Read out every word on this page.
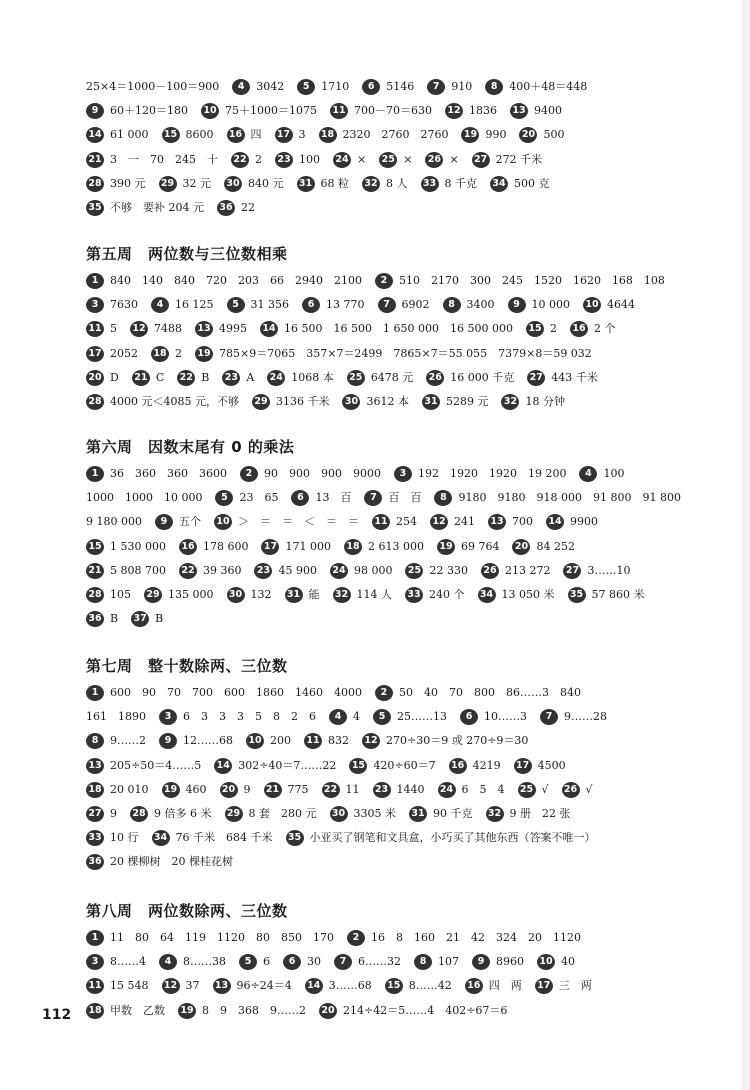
25×4＝1000－100＝900 4 3042 5 1710 6 5146 7 910 8 400＋48＝448
9 60＋120＝180 10 75＋1000＝1075 11 700－70＝630 12 1836 13 9400
14 61 000 15 8600 16 四 17 3 18 2320　2760　2760 19 990 20 500
21 3　一　70　245　十 22 2 23 100 24 × 25 × 26 × 27 272 千米
28 390 元 29 32 元 30 840 元 31 68 粒 32 8 人 33 8 千克 34 500 克
35 不够　要补 204 元 36 22
第五周　两位数与三位数相乘
1 840　140　840　720　203　66　2940　2100 2 510　2170　300　245　1520　1620　168　108
3 7630 4 16 125 5 31 356 6 13 770 7 6902 8 3400 9 10 000 10 4644
11 5 12 7488 13 4995 14 16 500　16 500　1 650 000　16 500 000 15 2 16 2 个
17 2052 18 2 19 785×9＝7065　357×7＝2499　7865×7＝55 055　7379×8＝59 032
20 D 21 C 22 B 23 A 24 1068 本 25 6478 元 26 16 000 千克 27 443 千米
28 4000 元＜4085 元，不够 29 3136 千米 30 3612 本 31 5289 元 32 18 分钟
第六周　因数末尾有 0 的乘法
1 36　360　360　3600 2 90　900　900　9000 3 192　1920　1920　19 200 4 100
1000　1000　10 000 5 23　65 6 13　百 7 百　百 8 9180　9180　918 000　91 800　91 800
9 180 000 9 五个 10 ＞　＝　＝　＜　＝　＝ 11 254 12 241 13 700 14 9900
15 1 530 000 16 178 600 17 171 000 18 2 613 000 19 69 764 20 84 252
21 5 808 700 22 39 360 23 45 900 24 98 000 25 22 330 26 213 272 27 3……10
28 105 29 135 000 30 132 31 能 32 114 人 33 240 个 34 13 050 米 35 57 860 米
36 B 37 B
第七周　整十数除两、三位数
1 600　90　70　700　600　1860　1460　4000 2 50　40　70　800　86……3　840
161　1890 3 6　3　3　3　5　8　2　6 4 4 5 25……13 6 10……3 7 9……28
8 9……2 9 12……68 10 200 11 832 12 270÷30＝9 或 270÷9＝30
13 205÷50＝4……5 14 302÷40＝7……22 15 420÷60＝7 16 4219 17 4500
18 20 010 19 460 20 9 21 775 22 11 23 1440 24 6　5　4 25 √ 26 √
27 9 28 9 倍多 6 米 29 8 套　280 元 30 3305 米 31 90 千克 32 9 册　22 张
33 10 行 34 76 千米　684 千米 35 小亚买了钢笔和文具盒，小巧买了其他东西（答案不唯一）
36 20 棵柳树　20 棵桂花树
第八周　两位数除两、三位数
1 11　80　64　119　1120　80　850　170 2 16　8　160　21　42　324　20　1120
3 8……4 4 8……38 5 6 6 30 7 6……32 8 107 9 8960 10 40
11 15 548 12 37 13 96÷24＝4 14 3……68 15 8……42 16 四　两 17 三　两
18 甲数　乙数 19 8　9　368　9……2 20 214÷42＝5……4　402÷67＝6
112
